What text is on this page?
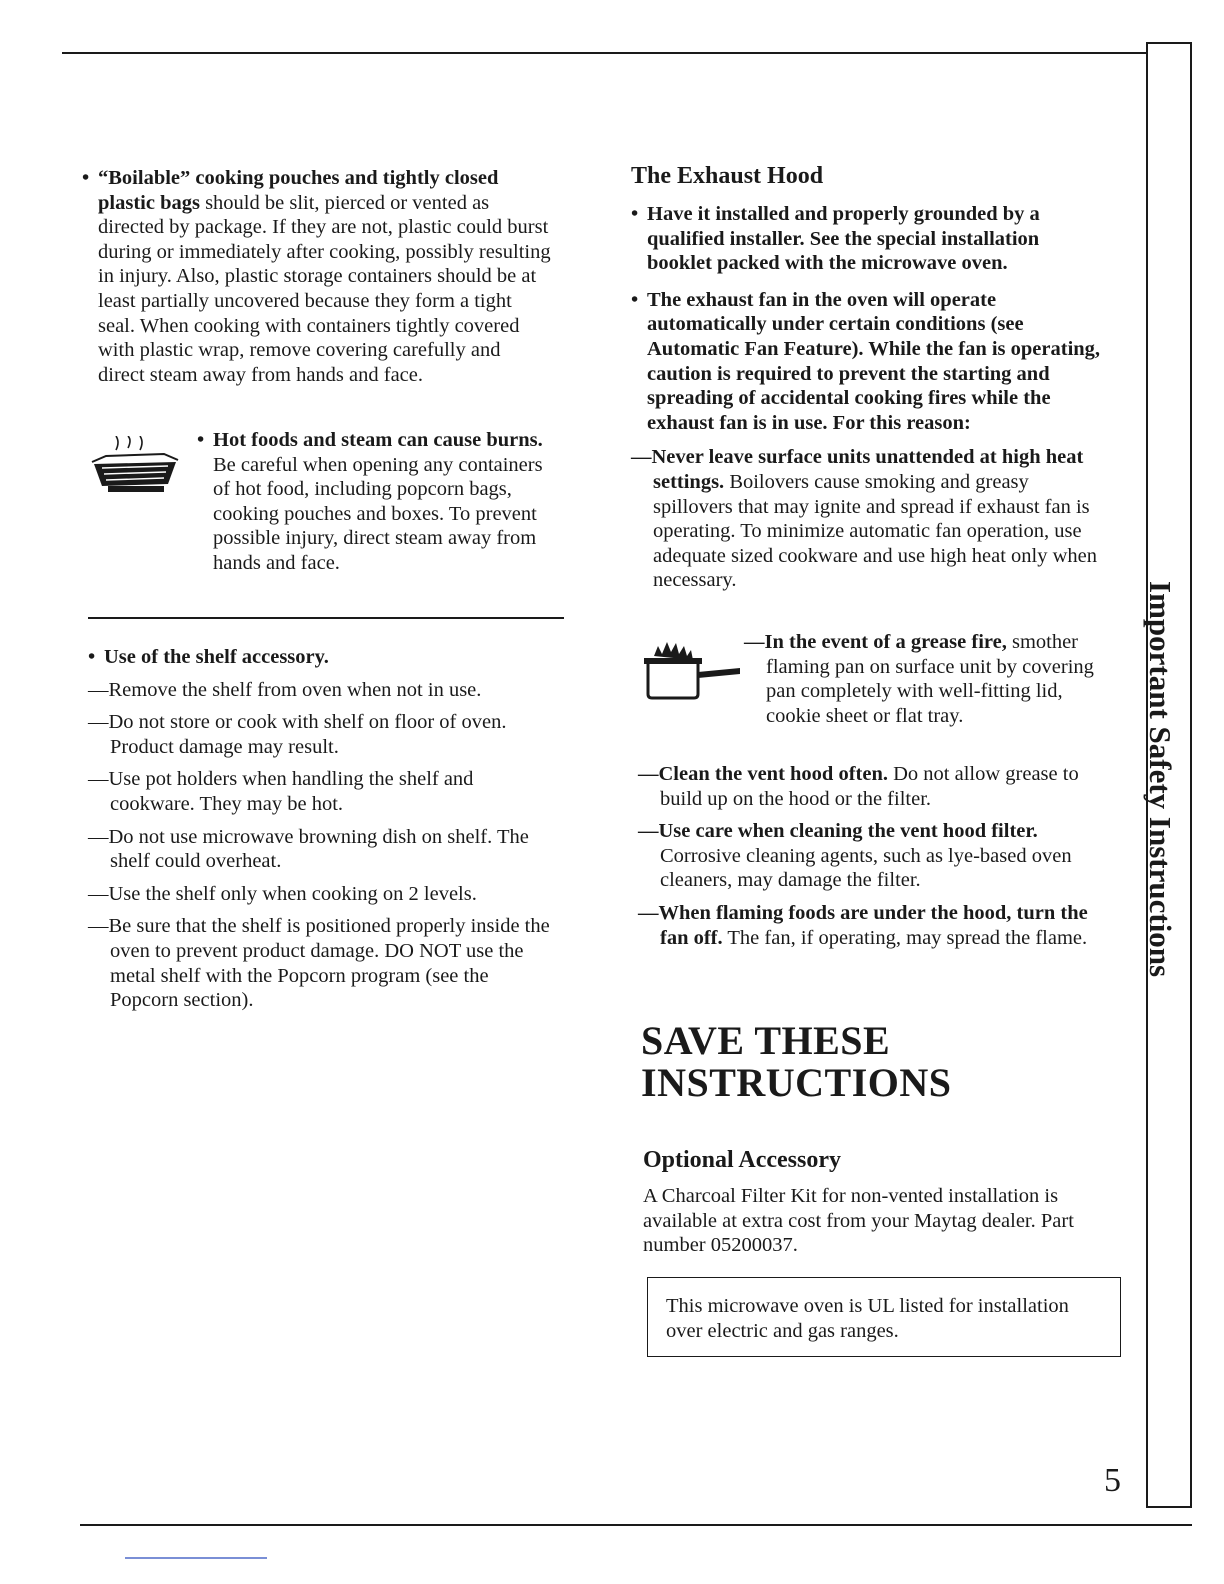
• “Boilable” cooking pouches and tightly closed plastic bags should be slit, pierced or vented as directed by package. If they are not, plastic could burst during or immediately after cooking, possibly resulting in injury. Also, plastic storage containers should be at least partially uncovered because they form a tight seal. When cooking with containers tightly covered with plastic wrap, remove covering carefully and direct steam away from hands and face.

• Hot foods and steam can cause burns. Be careful when opening any containers of hot food, including popcorn bags, cooking pouches and boxes. To prevent possible injury, direct steam away from hands and face.

• Use of the shelf accessory.

—Remove the shelf from oven when not in use.

—Do not store or cook with shelf on floor of oven. Product damage may result.

—Use pot holders when handling the shelf and cookware. They may be hot.

—Do not use microwave browning dish on shelf. The shelf could overheat.

—Use the shelf only when cooking on 2 levels.

—Be sure that the shelf is positioned properly inside the oven to prevent product damage. DO NOT use the metal shelf with the Popcorn program (see the Popcorn section).

The Exhaust Hood

• Have it installed and properly grounded by a qualified installer. See the special installation booklet packed with the microwave oven.

• The exhaust fan in the oven will operate automatically under certain conditions (see Automatic Fan Feature). While the fan is operating, caution is required to prevent the starting and spreading of accidental cooking fires while the exhaust fan is in use. For this reason:

—Never leave surface units unattended at high heat settings. Boilovers cause smoking and greasy spillovers that may ignite and spread if exhaust fan is operating. To minimize automatic fan operation, use adequate sized cookware and use high heat only when necessary.

—In the event of a grease fire, smother flaming pan on surface unit by covering pan completely with well-fitting lid, cookie sheet or flat tray.

—Clean the vent hood often. Do not allow grease to build up on the hood or the filter.

—Use care when cleaning the vent hood filter. Corrosive cleaning agents, such as lye-based oven cleaners, may damage the filter.

—When flaming foods are under the hood, turn the fan off. The fan, if operating, may spread the flame.

SAVE THESE

INSTRUCTIONS

Optional Accessory

A Charcoal Filter Kit for non-vented installation is available at extra cost from your Maytag dealer. Part number 05200037.

This microwave oven is UL listed for installation over electric and gas ranges.

Important Safety Instructions
5
